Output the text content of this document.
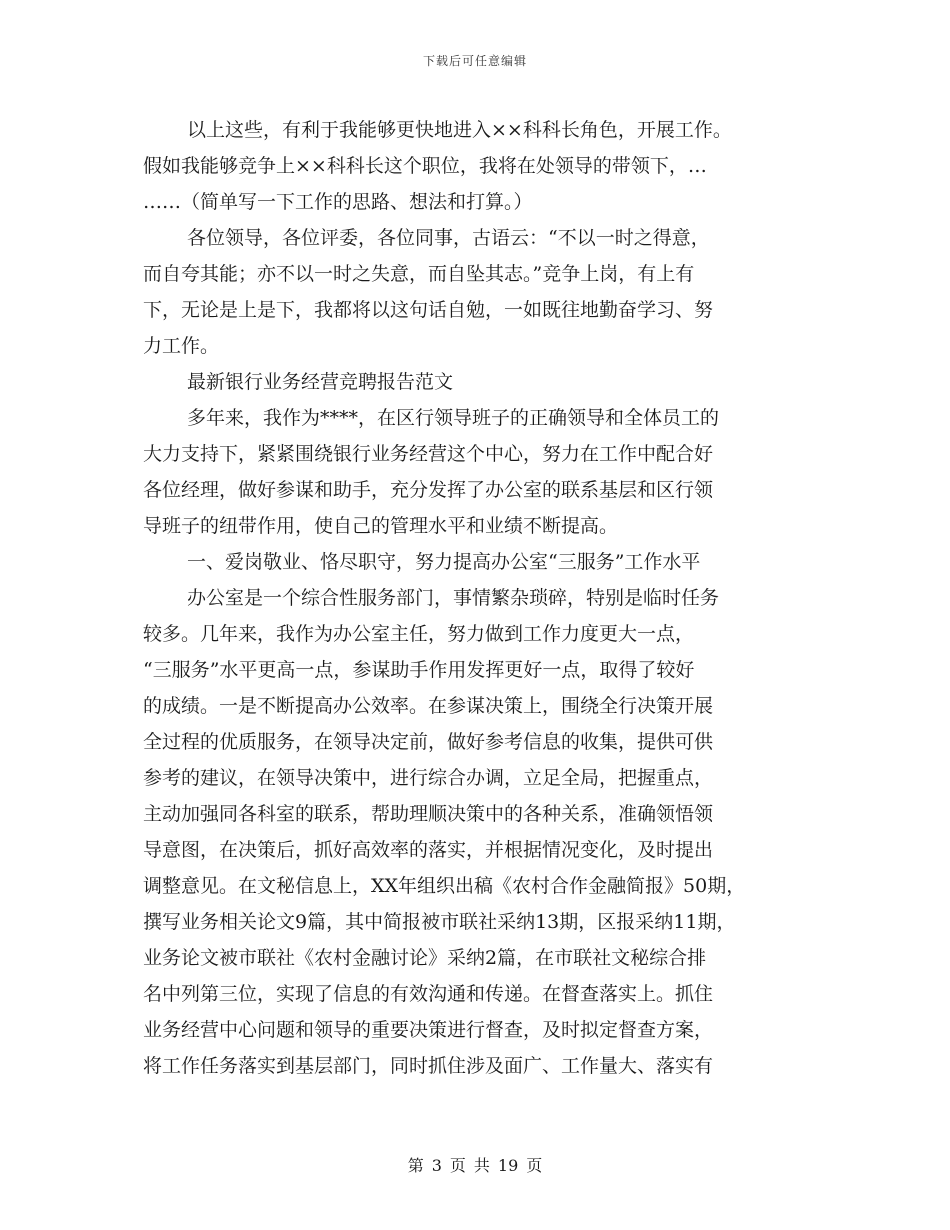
下载后可任意编辑
以上这些，有利于我能够更快地进入××科科长角色，开展工作。
假如我能够竞争上××科科长这个职位，我将在处领导的带领下，…
……（简单写一下工作的思路、想法和打算。）
各位领导，各位评委，各位同事，古语云：“不以一时之得意，
而自夸其能；亦不以一时之失意，而自坠其志。”竞争上岗，有上有
下，无论是上是下，我都将以这句话自勉，一如既往地勤奋学习、努
力工作。
最新银行业务经营竞聘报告范文
多年来，我作为****，在区行领导班子的正确领导和全体员工的
大力支持下，紧紧围绕银行业务经营这个中心，努力在工作中配合好
各位经理，做好参谋和助手，充分发挥了办公室的联系基层和区行领
导班子的纽带作用，使自己的管理水平和业绩不断提高。
一、爱岗敬业、恪尽职守，努力提高办公室“三服务”工作水平
办公室是一个综合性服务部门，事情繁杂琐碎，特别是临时任务
较多。几年来，我作为办公室主任，努力做到工作力度更大一点，
“三服务”水平更高一点，参谋助手作用发挥更好一点，取得了较好
的成绩。一是不断提高办公效率。在参谋决策上，围绕全行决策开展
全过程的优质服务，在领导决定前，做好参考信息的收集，提供可供
参考的建议，在领导决策中，进行综合办调，立足全局，把握重点，
主动加强同各科室的联系，帮助理顺决策中的各种关系，准确领悟领
导意图，在决策后，抓好高效率的落实，并根据情况变化，及时提出
调整意见。在文秘信息上，XX年组织出稿《农村合作金融简报》50期，
撰写业务相关论文9篇，其中简报被市联社采纳13期，区报采纳11期，
业务论文被市联社《农村金融讨论》采纳2篇，在市联社文秘综合排
名中列第三位，实现了信息的有效沟通和传递。在督查落实上。抓住
业务经营中心问题和领导的重要决策进行督查，及时拟定督查方案，
将工作任务落实到基层部门，同时抓住涉及面广、工作量大、落实有
第 3 页 共 19 页
